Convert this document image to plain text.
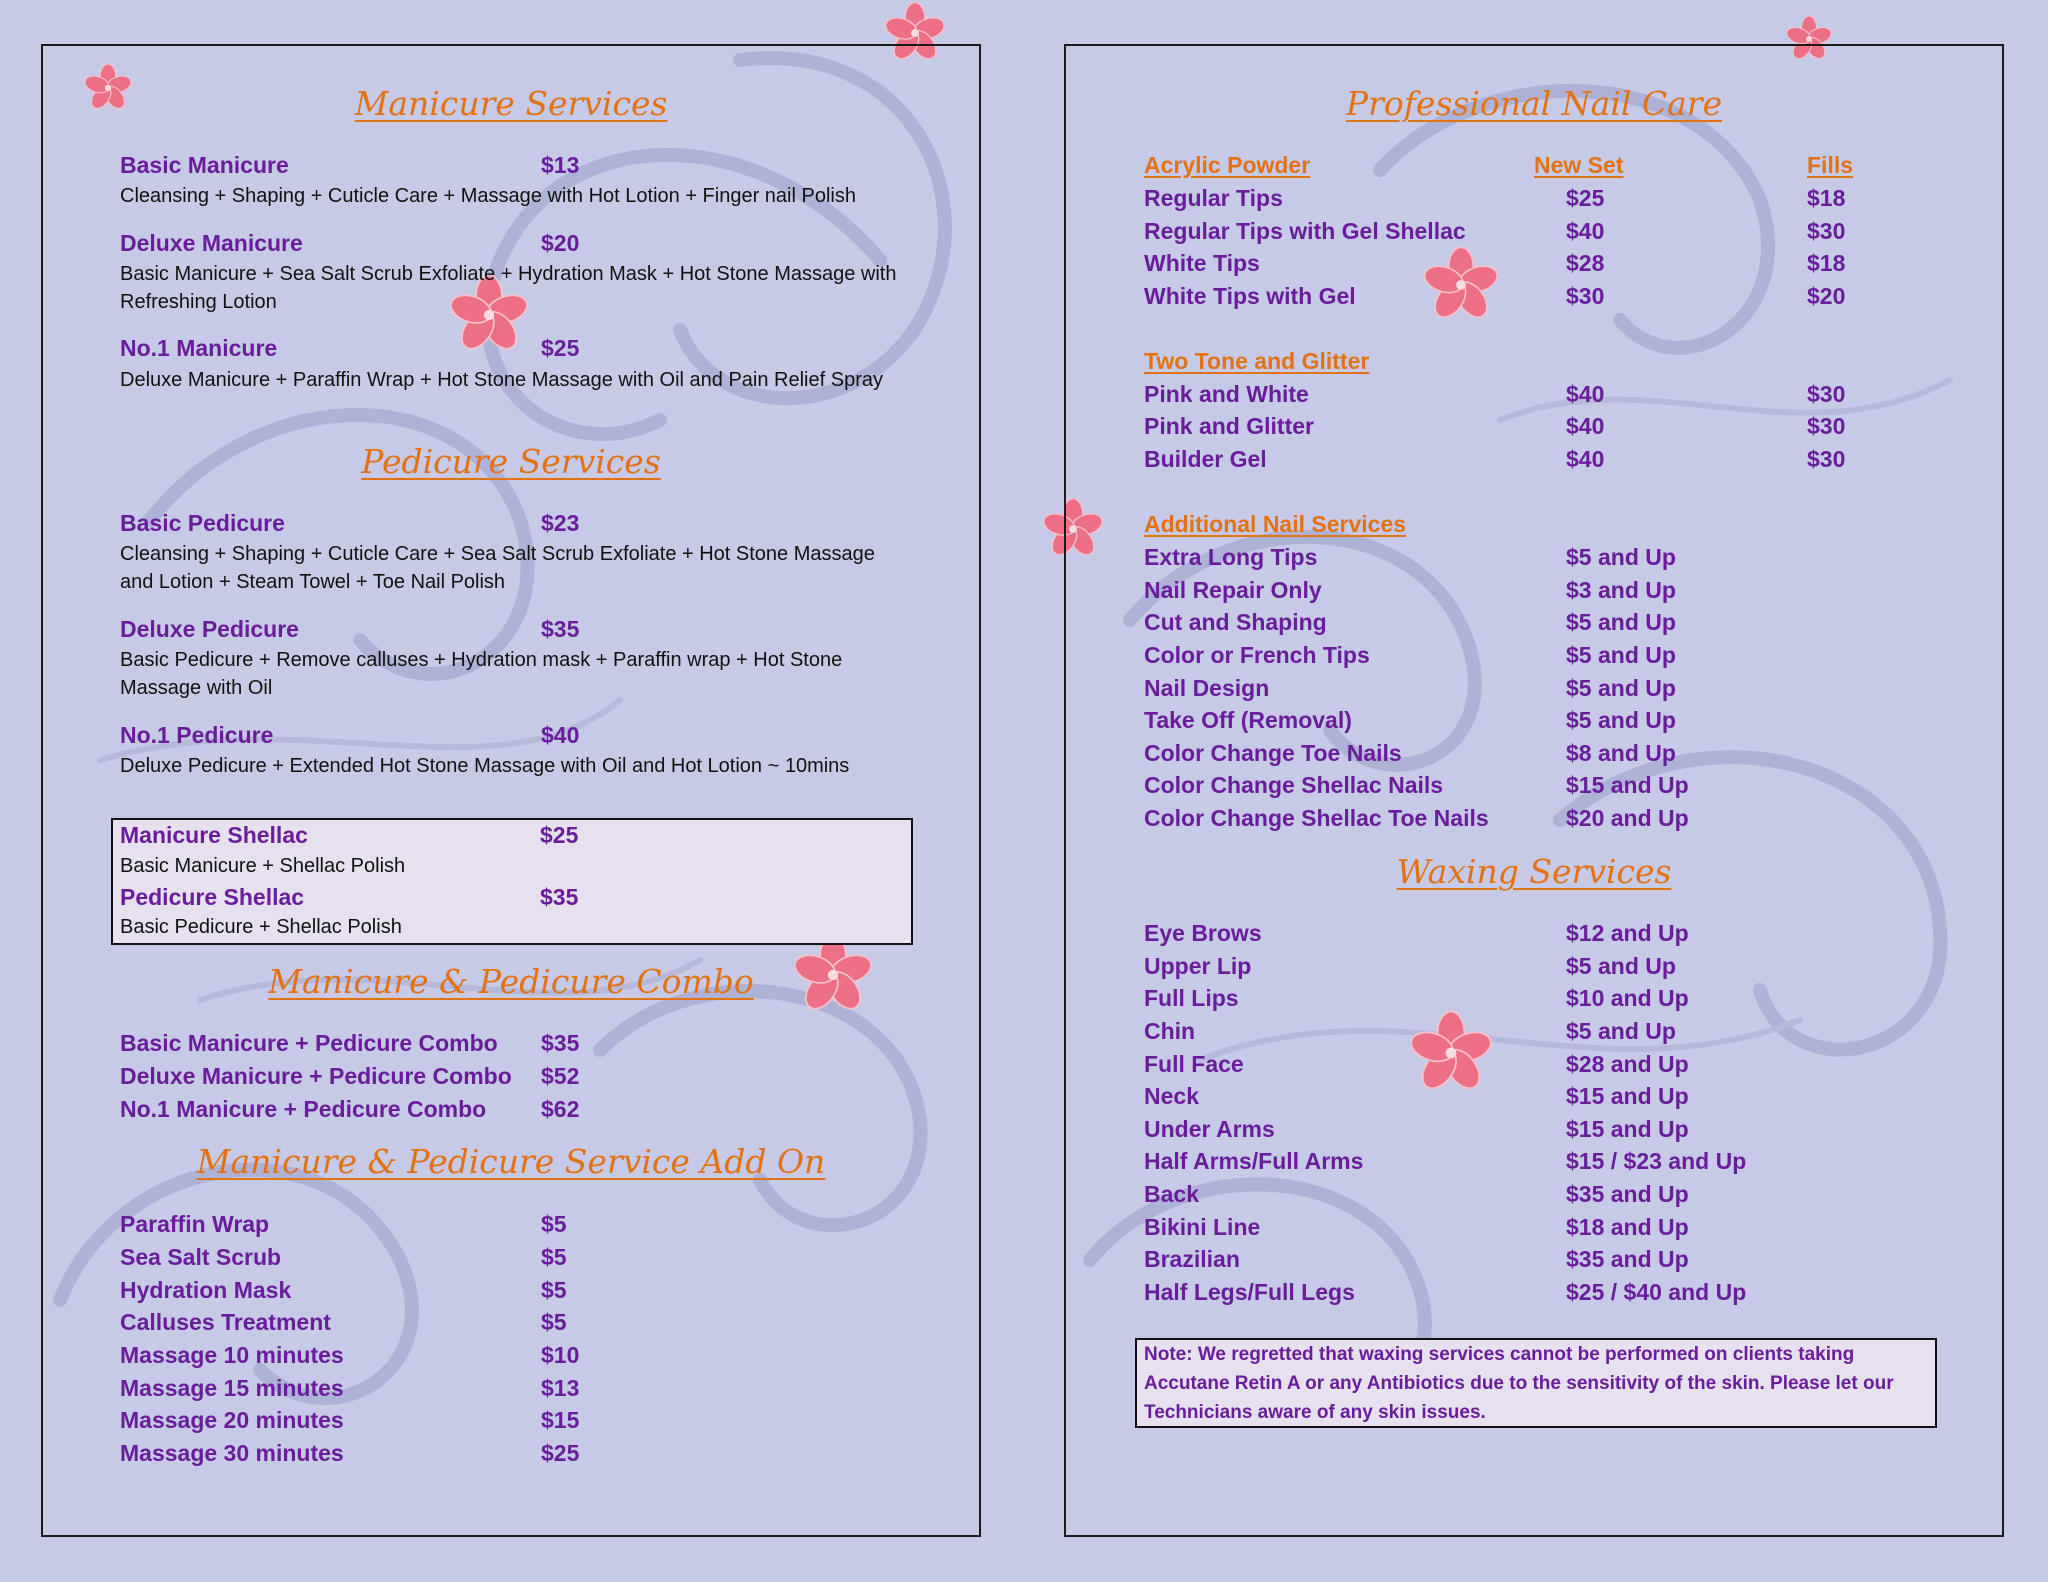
Manicure Services
Basic Manicure	$13
Cleansing + Shaping + Cuticle Care + Massage with Hot Lotion + Finger nail Polish
Deluxe Manicure	$20
Basic Manicure + Sea Salt Scrub Exfoliate + Hydration Mask + Hot Stone Massage with Refreshing Lotion
No.1 Manicure	$25
Deluxe Manicure + Paraffin Wrap + Hot Stone Massage with Oil and Pain Relief Spray
Pedicure Services
Basic Pedicure	$23
Cleansing + Shaping + Cuticle Care + Sea Salt Scrub Exfoliate + Hot Stone Massage and Lotion + Steam Towel + Toe Nail Polish
Deluxe Pedicure	$35
Basic Pedicure + Remove calluses + Hydration mask + Paraffin wrap + Hot Stone Massage with Oil
No.1 Pedicure	$40
Deluxe Pedicure + Extended Hot Stone Massage with Oil and Hot Lotion ~ 10mins
Manicure Shellac	$25
Basic Manicure + Shellac Polish
Pedicure Shellac	$35
Basic Pedicure + Shellac Polish
Manicure & Pedicure Combo
Basic Manicure + Pedicure Combo $35
Deluxe Manicure + Pedicure Combo $52
No.1 Manicure + Pedicure Combo $62
Manicure & Pedicure Service Add On
Paraffin Wrap	$5
Sea Salt Scrub	$5
Hydration Mask	$5
Calluses Treatment	$5
Massage 10 minutes	$10
Massage 15 minutes	$13
Massage 20 minutes	$15
Massage 30 minutes	$25
Professional Nail Care
Acrylic Powder	New Set	Fills
Regular Tips	$25	$18
Regular Tips with Gel Shellac	$40	$30
White Tips	$28	$18
White Tips with Gel	$30	$20
Two Tone and Glitter
Pink and White	$40	$30
Pink and Glitter	$40	$30
Builder Gel	$40	$30
Additional Nail Services
Extra Long Tips	$5 and Up
Nail Repair Only	$3 and Up
Cut and Shaping	$5 and Up
Color or French Tips	$5 and Up
Nail Design	$5 and Up
Take Off (Removal)	$5 and Up
Color Change Toe Nails	$8 and Up
Color Change Shellac Nails	$15 and Up
Color Change Shellac Toe Nails	$20 and Up
Waxing Services
Eye Brows	$12 and Up
Upper Lip	$5 and Up
Full Lips	$10 and Up
Chin	$5 and Up
Full Face	$28 and Up
Neck	$15 and Up
Under Arms	$15 and Up
Half Arms/Full Arms	$15 / $23 and Up
Back	$35 and Up
Bikini Line	$18 and Up
Brazilian	$35 and Up
Half Legs/Full Legs	$25 / $40 and Up
Note: We regretted that waxing services cannot be performed on clients taking Accutane Retin A or any Antibiotics due to the sensitivity of the skin. Please let our Technicians aware of any skin issues.
